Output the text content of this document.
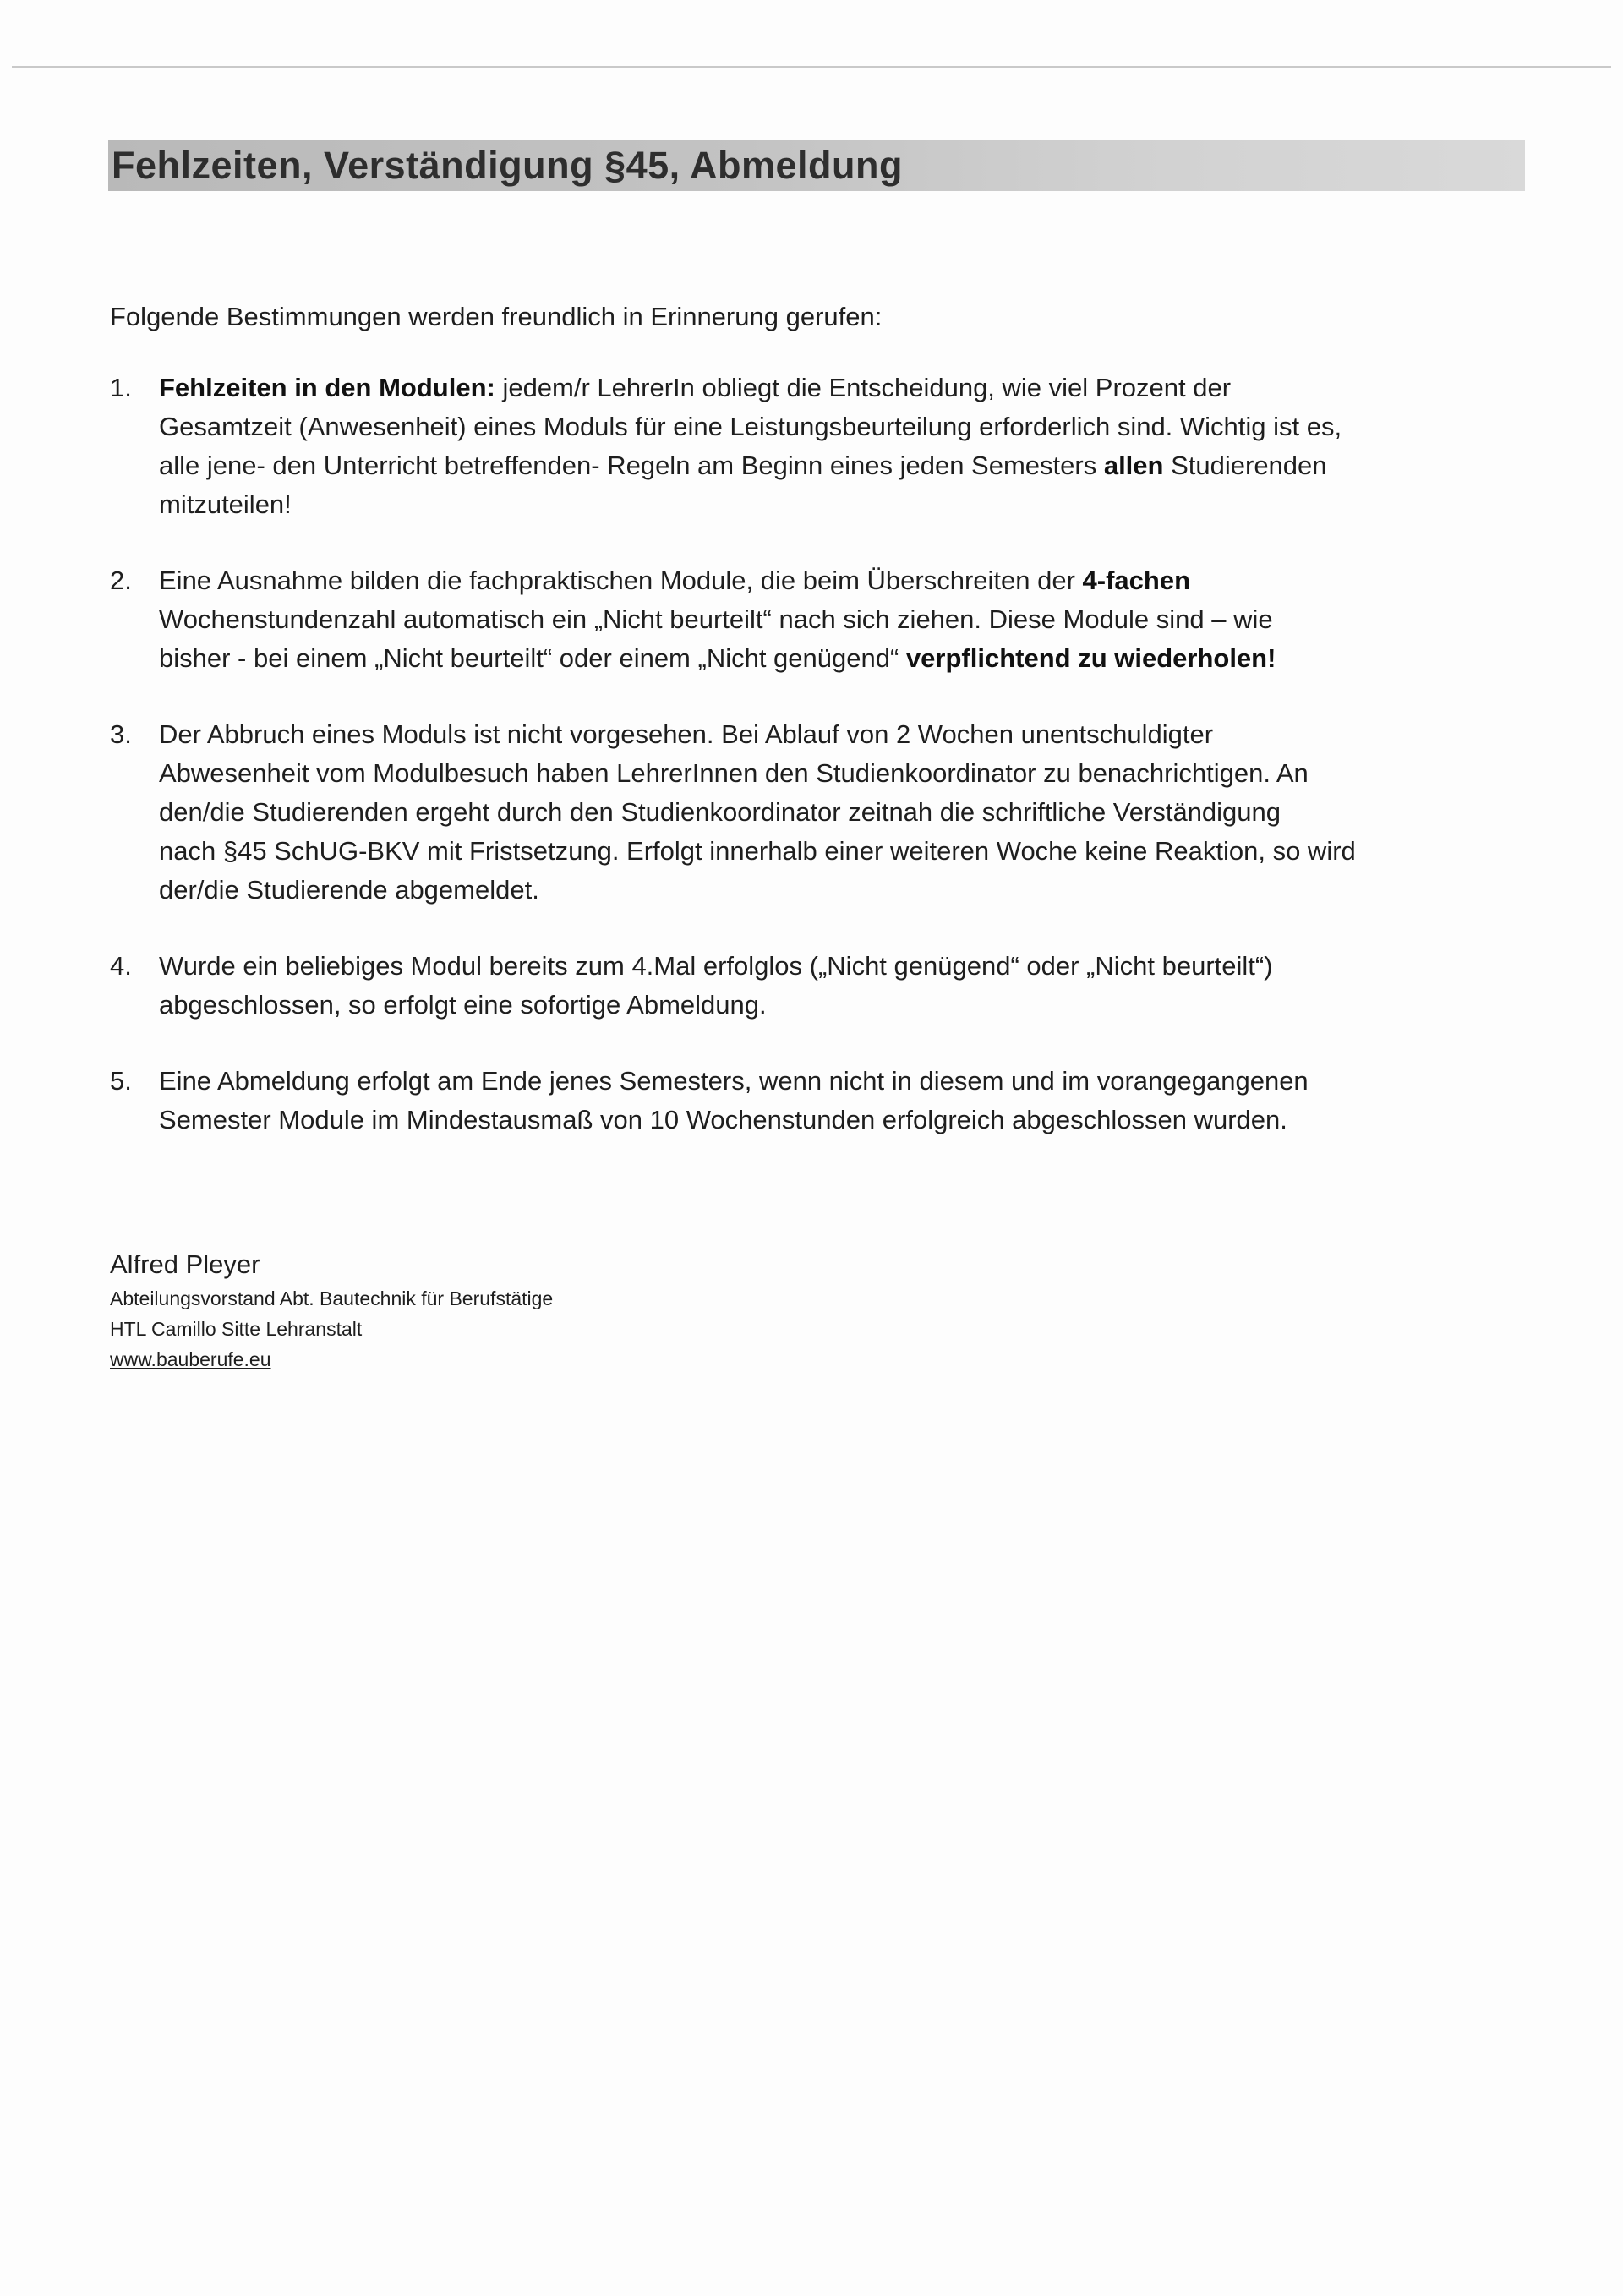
Fehlzeiten, Verständigung §45, Abmeldung
Folgende Bestimmungen werden freundlich in Erinnerung gerufen:
1. Fehlzeiten in den Modulen: jedem/r LehrerIn obliegt die Entscheidung, wie viel Prozent der
Gesamtzeit (Anwesenheit) eines Moduls für eine Leistungsbeurteilung erforderlich sind. Wichtig ist es,
alle jene- den Unterricht betreffenden- Regeln am Beginn eines jeden Semesters allen Studierenden
mitzuteilen!
2. Eine Ausnahme bilden die fachpraktischen Module, die beim Überschreiten der 4-fachen
Wochenstundenzahl automatisch ein „Nicht beurteilt“ nach sich ziehen. Diese Module sind – wie
bisher - bei einem „Nicht beurteilt“ oder einem „Nicht genügend“ verpflichtend zu wiederholen!
3. Der Abbruch eines Moduls ist nicht vorgesehen. Bei Ablauf von 2 Wochen unentschuldigter
Abwesenheit vom Modulbesuch haben LehrerInnen den Studienkoordinator zu benachrichtigen. An
den/die Studierenden ergeht durch den Studienkoordinator zeitnah die schriftliche Verständigung
nach §45 SchUG-BKV mit Fristsetzung. Erfolgt innerhalb einer weiteren Woche keine Reaktion, so wird
der/die Studierende abgemeldet.
4. Wurde ein beliebiges Modul bereits zum 4.Mal erfolglos („Nicht genügend“ oder „Nicht beurteilt“)
abgeschlossen, so erfolgt eine sofortige Abmeldung.
5. Eine Abmeldung erfolgt am Ende jenes Semesters, wenn nicht in diesem und im vorangegangenen
Semester Module im Mindestausmaß von 10 Wochenstunden erfolgreich abgeschlossen wurden.
Alfred Pleyer
Abteilungsvorstand Abt. Bautechnik für Berufstätige
HTL Camillo Sitte Lehranstalt
www.bauberufe.eu
